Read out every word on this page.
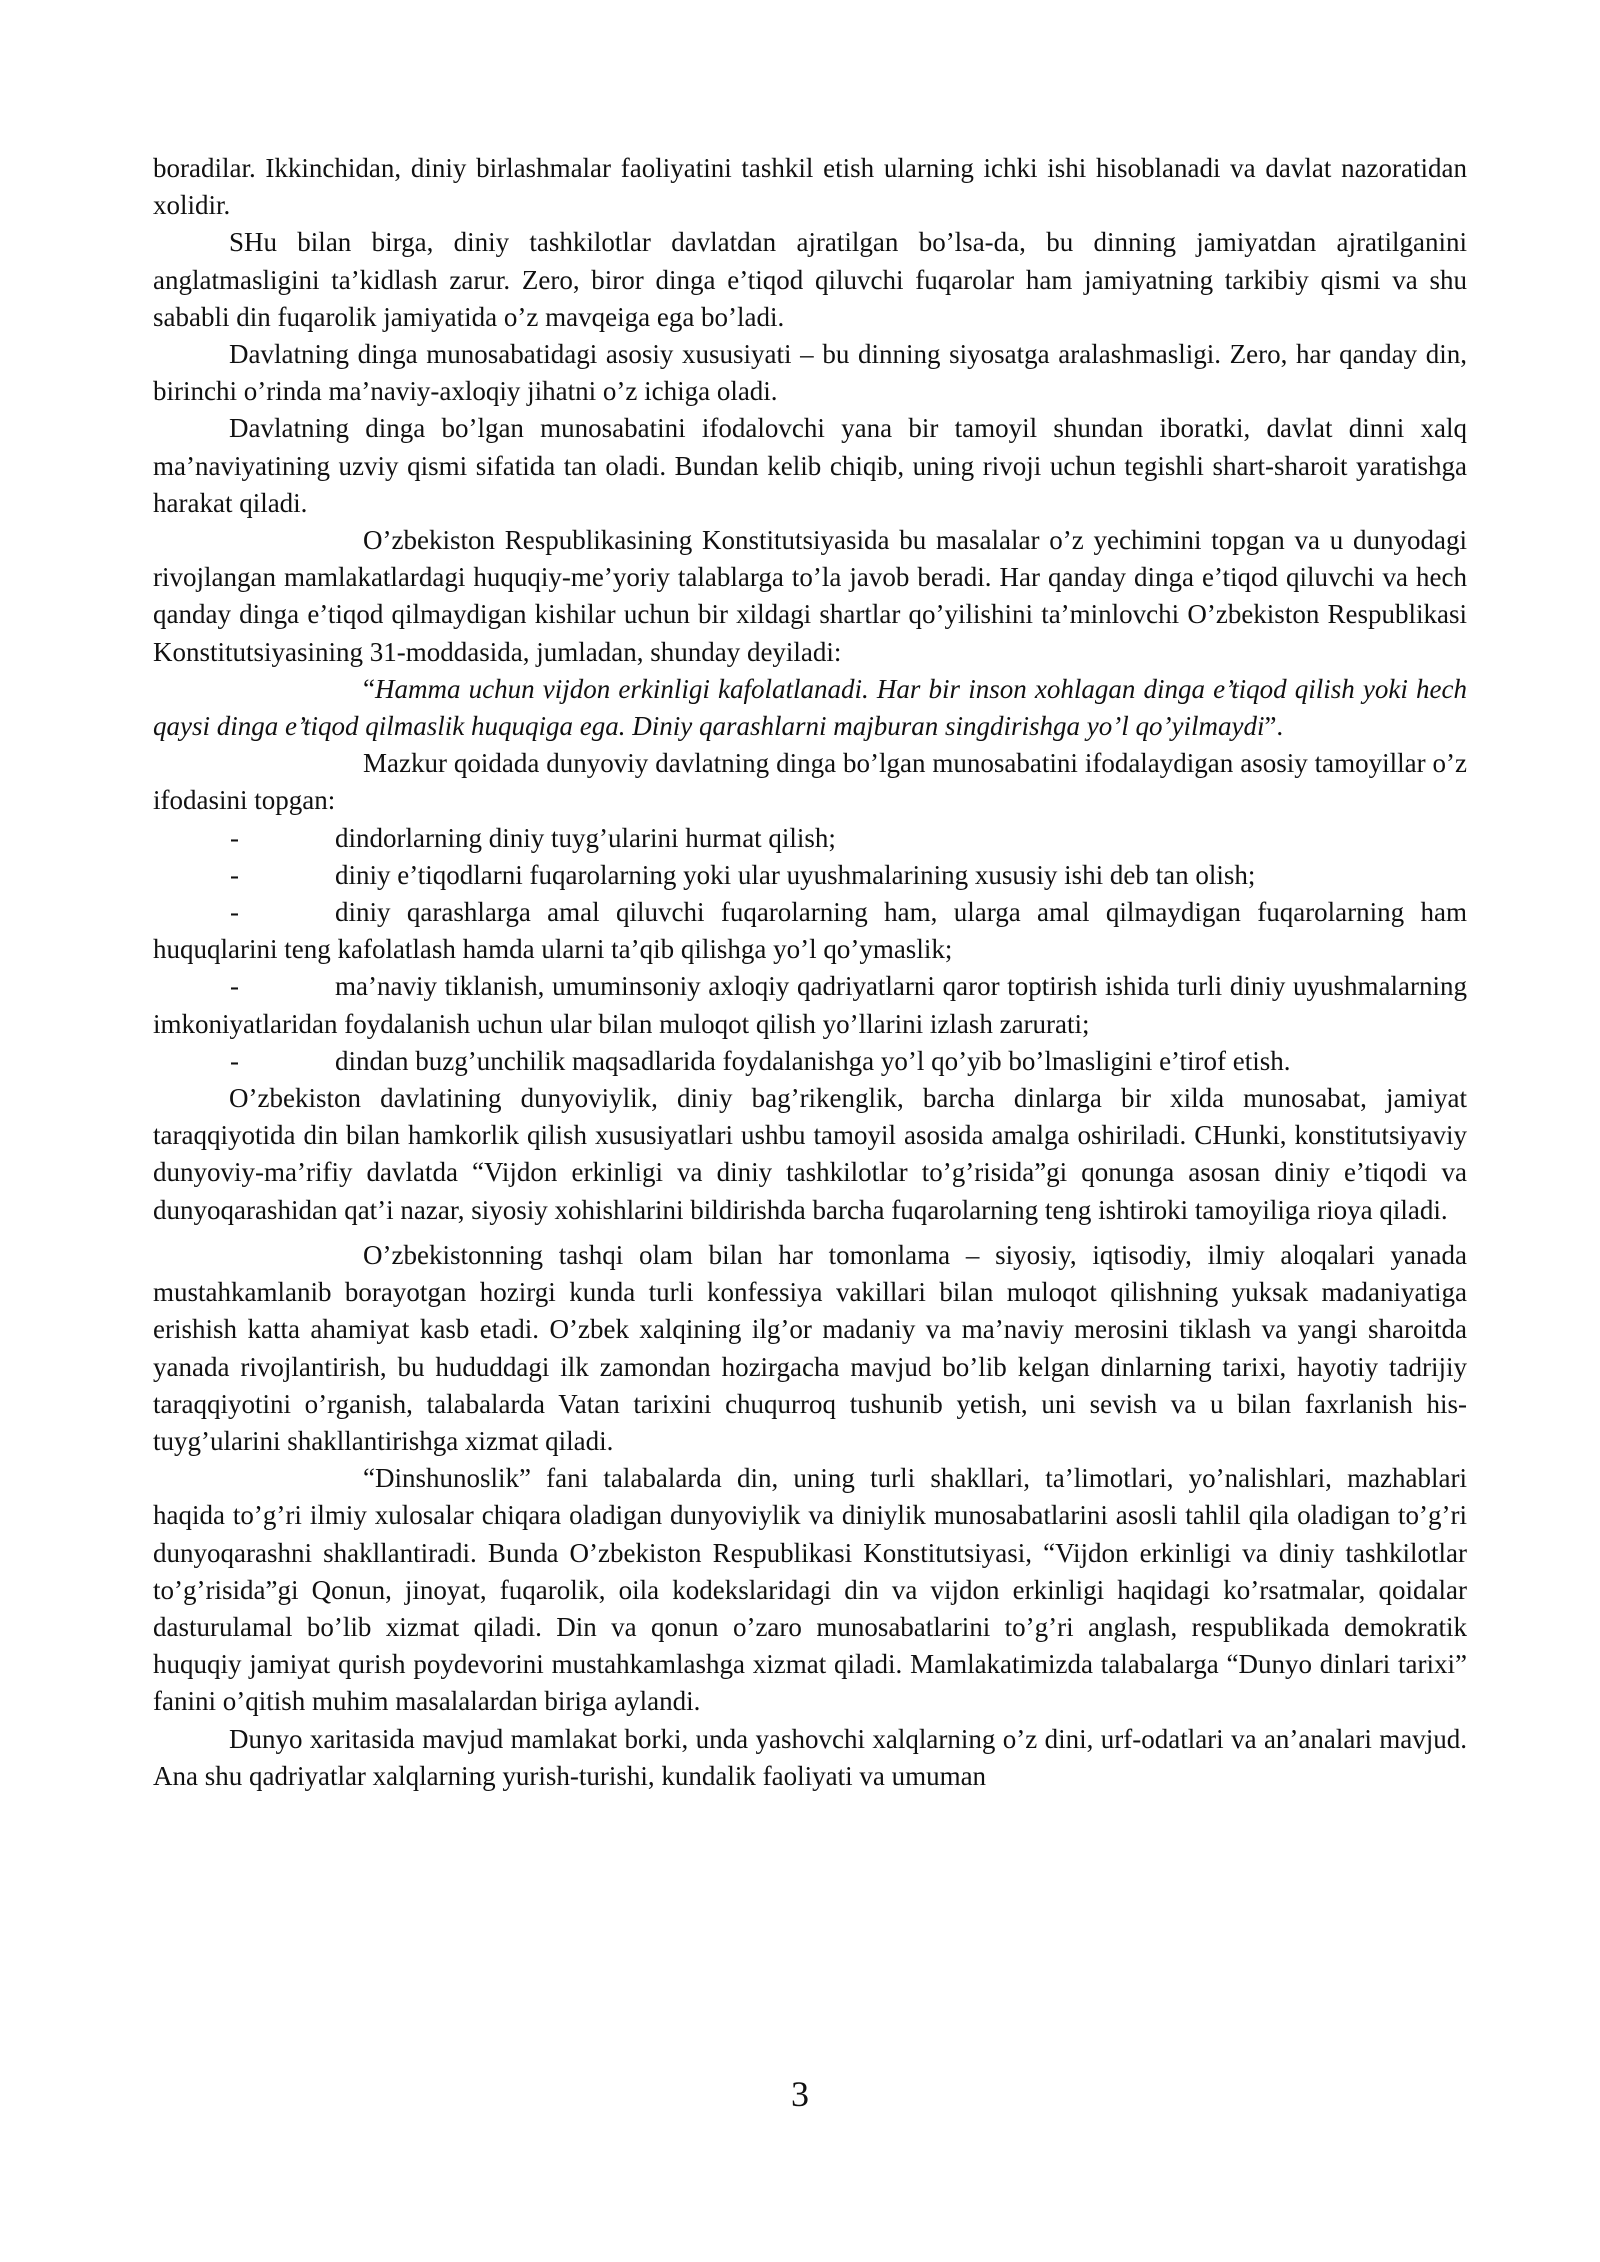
boradilar. Ikkinchidan, diniy birlashmalar faoliyatini tashkil etish ularning ichki ishi hisoblanadi va davlat nazoratidan xolidir.

SHu bilan birga, diniy tashkilotlar davlatdan ajratilgan bo’lsa-da, bu dinning jamiyatdan ajratilganini anglatmasligini ta’kidlash zarur. Zero, biror dinga e’tiqod qiluvchi fuqarolar ham jamiyatning tarkibiy qismi va shu sababli din fuqarolik jamiyatida o’z mavqeiga ega bo’ladi.

Davlatning dinga munosabatidagi asosiy xususiyati – bu dinning siyosatga aralashmasligi. Zero, har qanday din, birinchi o’rinda ma’naviy-axloqiy jihatni o’z ichiga oladi.

Davlatning dinga bo’lgan munosabatini ifodalovchi yana bir tamoyil shundan iboratki, davlat dinni xalq ma’naviyatining uzviy qismi sifatida tan oladi. Bundan kelib chiqib, uning rivoji uchun tegishli shart-sharoit yaratishga harakat qiladi.

O’zbekiston Respublikasining Konstitutsiyasida bu masalalar o’z yechimini topgan va u dunyodagi rivojlangan mamlakatlardagi huquqiy-me’yoriy talablarga to’la javob beradi. Har qanday dinga e’tiqod qiluvchi va hech qanday dinga e’tiqod qilmaydigan kishilar uchun bir xildagi shartlar qo’yilishini ta’minlovchi O’zbekiston Respublikasi Konstitutsiyasining 31-moddasida, jumladan, shunday deyiladi:

“Hamma uchun vijdon erkinligi kafolatlanadi. Har bir inson xohlagan dinga e’tiqod qilish yoki hech qaysi dinga e’tiqod qilmaslik huquqiga ega. Diniy qarashlarni majburan singdirishga yo’l qo’yilmaydi”.

Mazkur qoidada dunyoviy davlatning dinga bo’lgan munosabatini ifodalaydigan asosiy tamoyillar o’z ifodasini topgan:

-	dindorlarning diniy tuyg’ularini hurmat qilish;

-	diniy e’tiqodlarni fuqarolarning yoki ular uyushmalarining xususiy ishi deb tan olish;

-	diniy qarashlarga amal qiluvchi fuqarolarning ham, ularga amal qilmaydigan fuqarolarning ham huquqlarini teng kafolatlash hamda ularni ta’qib qilishga yo’l qo’ymaslik;

-	ma’naviy tiklanish, umuminsoniy axloqiy qadriyatlarni qaror toptirish ishida turli diniy uyushmalarning imkoniyatlaridan foydalanish uchun ular bilan muloqot qilish yo’llarini izlash zarurati;

-	dindan buzg’unchilik maqsadlarida foydalanishga yo’l qo’yib bo’lmasligini e’tirof etish.

O’zbekiston davlatining dunyoviylik, diniy bag’rikenglik, barcha dinlarga bir xilda munosabat, jamiyat taraqqiyotida din bilan hamkorlik qilish xususiyatlari ushbu tamoyil asosida amalga oshiriladi. CHunki, konstitutsiyaviy dunyoviy-ma’rifiy davlatda “Vijdon erkinligi va diniy tashkilotlar to’g’risida”gi qonunga asosan diniy e’tiqodi va dunyoqarashidan qat’i nazar, siyosiy xohishlarini bildirishda barcha fuqarolarning teng ishtiroki tamoyiliga rioya qiladi.

O’zbekistonning tashqi olam bilan har tomonlama – siyosiy, iqtisodiy, ilmiy aloqalari yanada mustahkamlanib borayotgan hozirgi kunda turli konfessiya vakillari bilan muloqot qilishning yuksak madaniyatiga erishish katta ahamiyat kasb etadi. O’zbek xalqining ilg’or madaniy va ma’naviy merosini tiklash va yangi sharoitda yanada rivojlantirish, bu hududdagi ilk zamondan hozirgacha mavjud bo’lib kelgan dinlarning tarixi, hayotiy tadrijiy taraqqiyotini o’rganish, talabalarda Vatan tarixini chuqurroq tushunib yetish, uni sevish va u bilan faxrlanish his-tuyg’ularini shakllantirishga xizmat qiladi.

“Dinshunoslik” fani talabalarda din, uning turli shakllari, ta’limotlari, yo’nalishlari, mazhablari haqida to’g’ri ilmiy xulosalar chiqara oladigan dunyoviylik va diniylik munosabatlarini asosli tahlil qila oladigan to’g’ri dunyoqarashni shakllantiradi. Bunda O’zbekiston Respublikasi Konstitutsiyasi, “Vijdon erkinligi va diniy tashkilotlar to’g’risida”gi Qonun, jinoyat, fuqarolik, oila kodekslaridagi din va vijdon erkinligi haqidagi ko’rsatmalar, qoidalar dasturulamal bo’lib xizmat qiladi. Din va qonun o’zaro munosabatlarini to’g’ri anglash, respublikada demokratik huquqiy jamiyat qurish poydevorini mustahkamlashga xizmat qiladi. Mamlakatimizda talabalarga “Dunyo dinlari tarixi” fanini o’qitish muhim masalalardan biriga aylandi.

Dunyo xaritasida mavjud mamlakat borki, unda yashovchi xalqlarning o’z dini, urf-odatlari va an’analari mavjud. Ana shu qadriyatlar xalqlarning yurish-turishi, kundalik faoliyati va umuman

3
